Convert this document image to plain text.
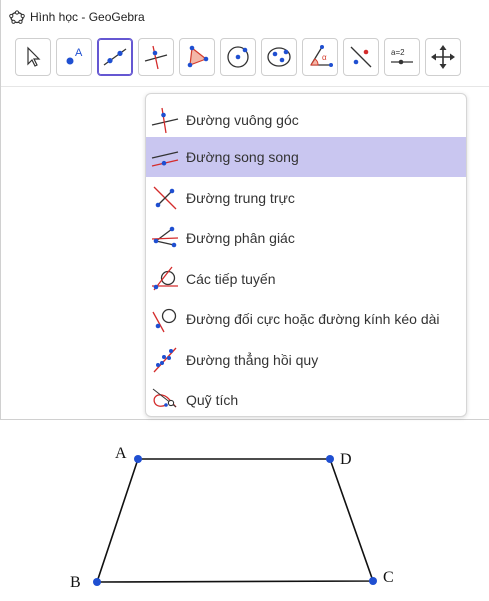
Hình học - GeoGebra
A	α
a=2
Đường vuông góc
Đường song song
Đường trung trực
Đường phân giác
Các tiếp tuyến
Đường đối cực hoặc đường kính kéo dài
Đường thẳng hồi quy
Quỹ tích
A	D
B	C
